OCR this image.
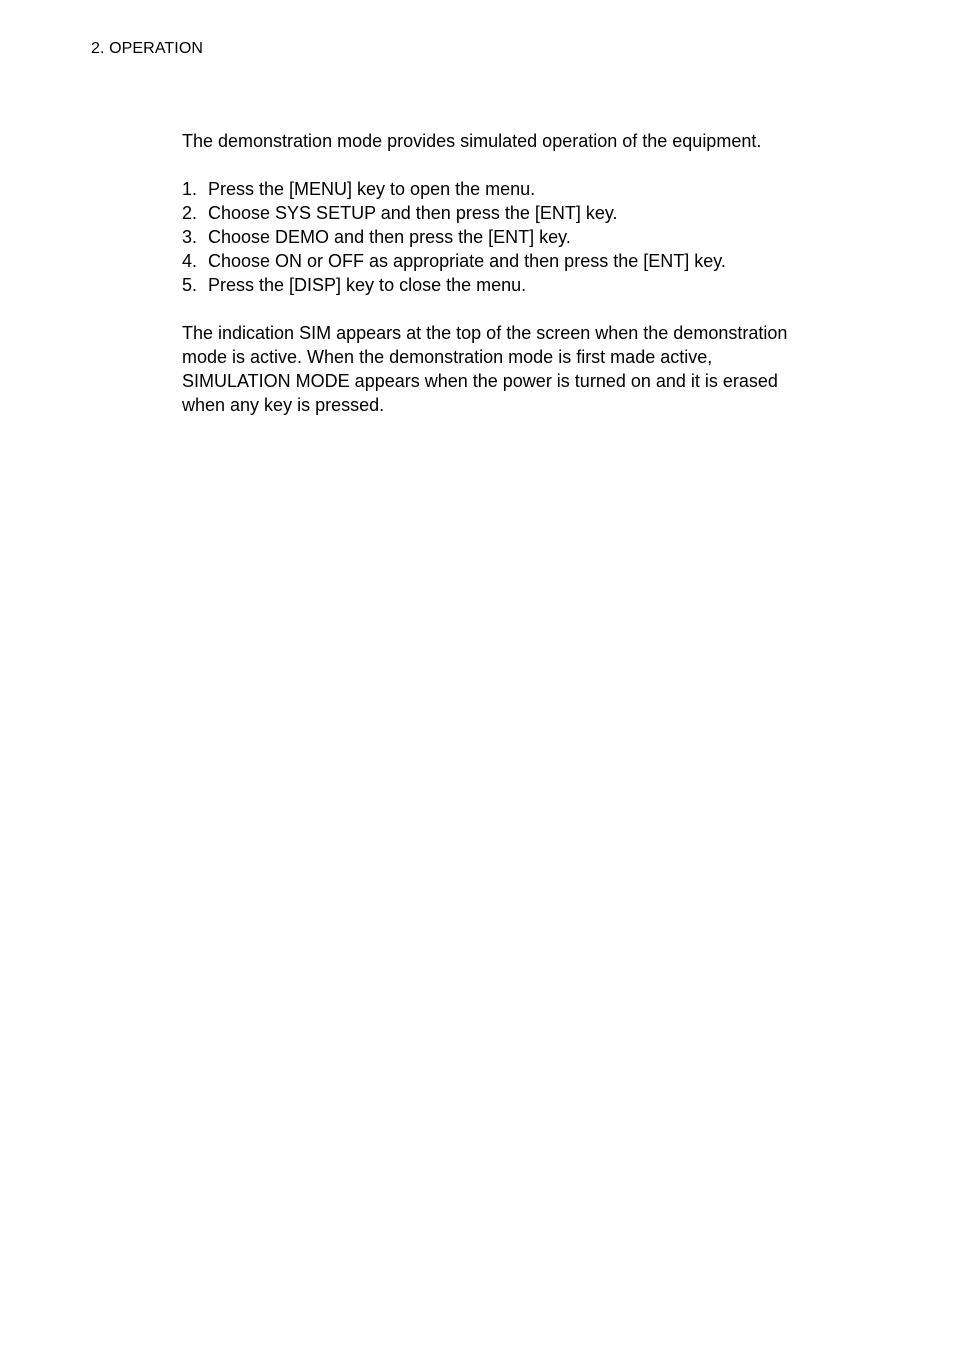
2. OPERATION

The demonstration mode provides simulated operation of the equipment.

1. Press the [MENU] key to open the menu.
2. Choose SYS SETUP and then press the [ENT] key.
3. Choose DEMO and then press the [ENT] key.
4. Choose ON or OFF as appropriate and then press the [ENT] key.
5. Press the [DISP] key to close the menu.
The indication SIM appears at the top of the screen when the demonstration
mode is active. When the demonstration mode is first made active,
SIMULATION MODE appears when the power is turned on and it is erased
when any key is pressed.
